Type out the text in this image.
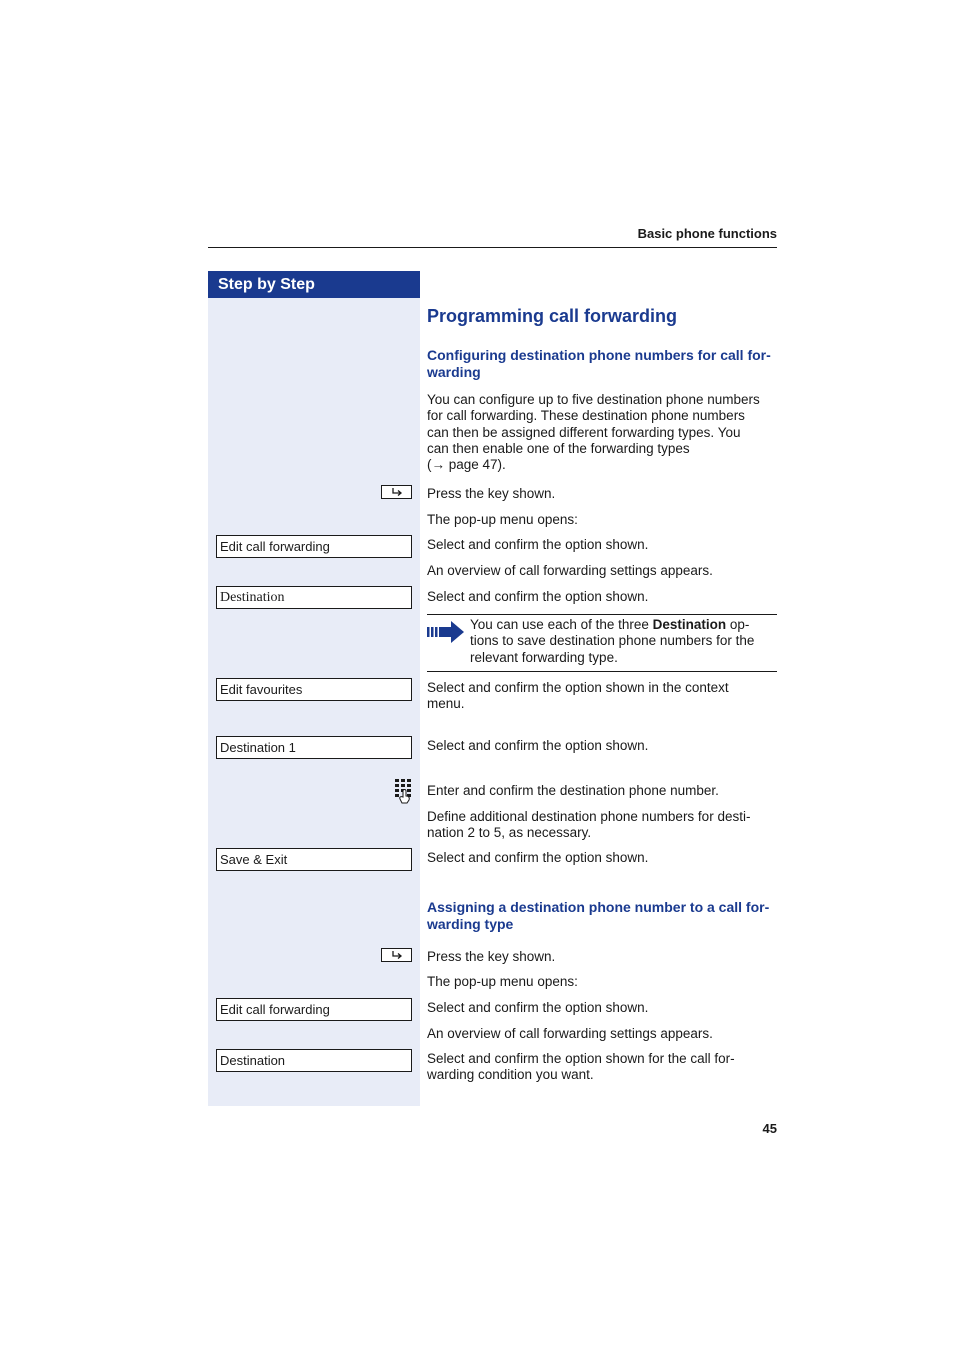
Basic phone functions
Step by Step
Edit call forwarding
Destination
Edit favourites
Destination 1
Save & Exit
Edit call forwarding
Destination
Programming call forwarding
Configuring destination phone numbers for call for-
warding
You can configure up to five destination phone numbers
for call forwarding. These destination phone numbers
can then be assigned different forwarding types. You
can then enable one of the forwarding types
(→ page 47).
Press the key shown.
The pop-up menu opens:
Select and confirm the option shown.
An overview of call forwarding settings appears.
Select and confirm the option shown.
You can use each of the three Destination op-
tions to save destination phone numbers for the
relevant forwarding type.
Select and confirm the option shown in the context
menu.
Select and confirm the option shown.
Enter and confirm the destination phone number.
Define additional destination phone numbers for desti-
nation 2 to 5, as necessary.
Select and confirm the option shown.
Assigning a destination phone number to a call for-
warding type
Press the key shown.
The pop-up menu opens:
Select and confirm the option shown.
An overview of call forwarding settings appears.
Select and confirm the option shown for the call for-
warding condition you want.
45
